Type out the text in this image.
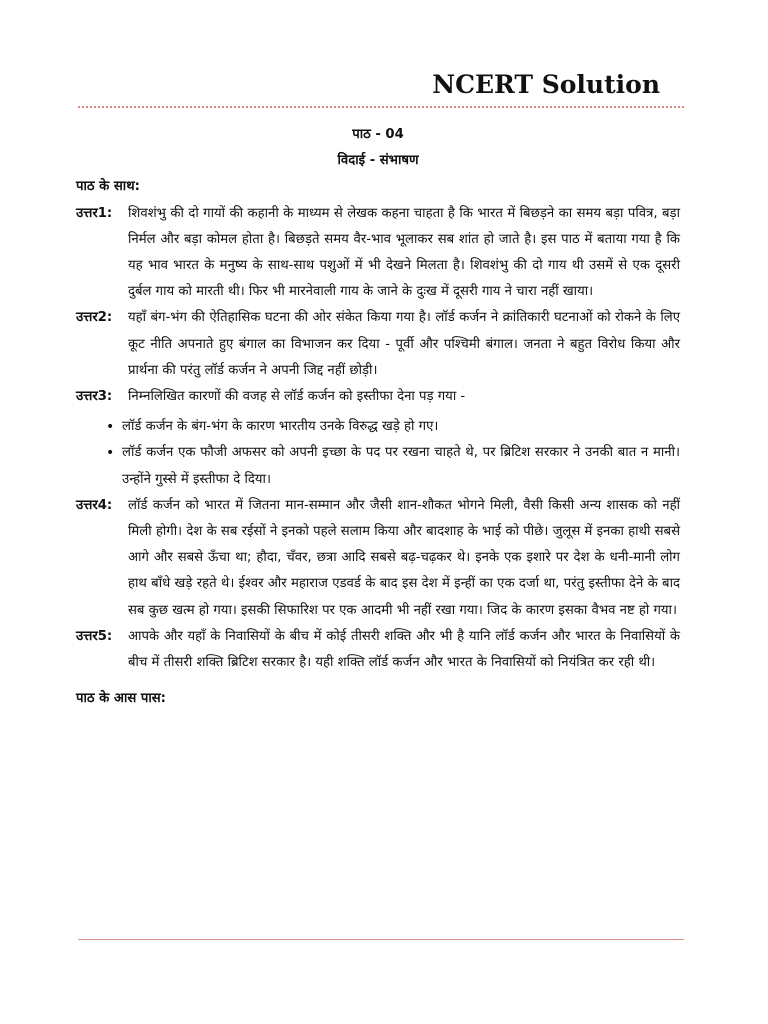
NCERT Solution
पाठ - 04
विदाई - संभाषण
पाठ के साथ:
उत्तर1:	शिवशंभु की दो गायों की कहानी के माध्यम से लेखक कहना चाहता है कि भारत में बिछड़ने का समय बड़ा पवित्र, बड़ा निर्मल और बड़ा कोमल होता है। बिछड़ते समय वैर-भाव भूलाकर सब शांत हो जाते है। इस पाठ में बताया गया है कि यह भाव भारत के मनुष्य के साथ-साथ पशुओं में भी देखने मिलता है। शिवशंभु की दो गाय थी उसमें से एक दूसरी दुर्बल गाय को मारती थी। फिर भी मारनेवाली गाय के जाने के दुःख में दूसरी गाय ने चारा नहीं खाया।
उत्तर2:	यहाँ बंग-भंग की ऐतिहासिक घटना की ओर संकेत किया गया है। लॉर्ड कर्जन ने क्रांतिकारी घटनाओं को रोकने के लिए कूट नीति अपनाते हुए बंगाल का विभाजन कर दिया - पूर्वी और पश्चिमी बंगाल। जनता ने बहुत विरोध किया और प्रार्थना की परंतु लॉर्ड कर्जन ने अपनी जिद्द नहीं छोड़ी।
उत्तर3:	निम्नलिखित कारणों की वजह से लॉर्ड कर्जन को इस्तीफा देना पड़ गया -
• लॉर्ड कर्जन के बंग-भंग के कारण भारतीय उनके विरुद्ध खड़े हो गए।
• लॉर्ड कर्जन एक फौजी अफसर को अपनी इच्छा के पद पर रखना चाहते थे, पर ब्रिटिश सरकार ने उनकी बात न मानी। उन्होंने गुस्से में इस्तीफा दे दिया।
उत्तर4:	लॉर्ड कर्जन को भारत में जितना मान-सम्मान और जैसी शान-शौकत भोगने मिली, वैसी किसी अन्य शासक को नहीं मिली होगी। देश के सब रईसों ने इनको पहले सलाम किया और बादशाह के भाई को पीछे। जुलूस में इनका हाथी सबसे आगे और सबसे ऊँचा था; हौदा, चँवर, छत्रा आदि सबसे बढ़-चढ़कर थे। इनके एक इशारे पर देश के धनी-मानी लोग हाथ बाँधे खड़े रहते थे। ईश्वर और महाराज एडवर्ड के बाद इस देश में इन्हीं का एक दर्जा था, परंतु इस्तीफा देने के बाद सब कुछ खत्म हो गया। इसकी सिफारिश पर एक आदमी भी नहीं रखा गया। जिद के कारण इसका वैभव नष्ट हो गया।
उत्तर5:	आपके और यहाँ के निवासियों के बीच में कोई तीसरी शक्ति और भी है यानि लॉर्ड कर्जन और भारत के निवासियों के बीच में तीसरी शक्ति ब्रिटिश सरकार है। यही शक्ति लॉर्ड कर्जन और भारत के निवासियों को नियंत्रित कर रही थी।
पाठ के आस पास:
